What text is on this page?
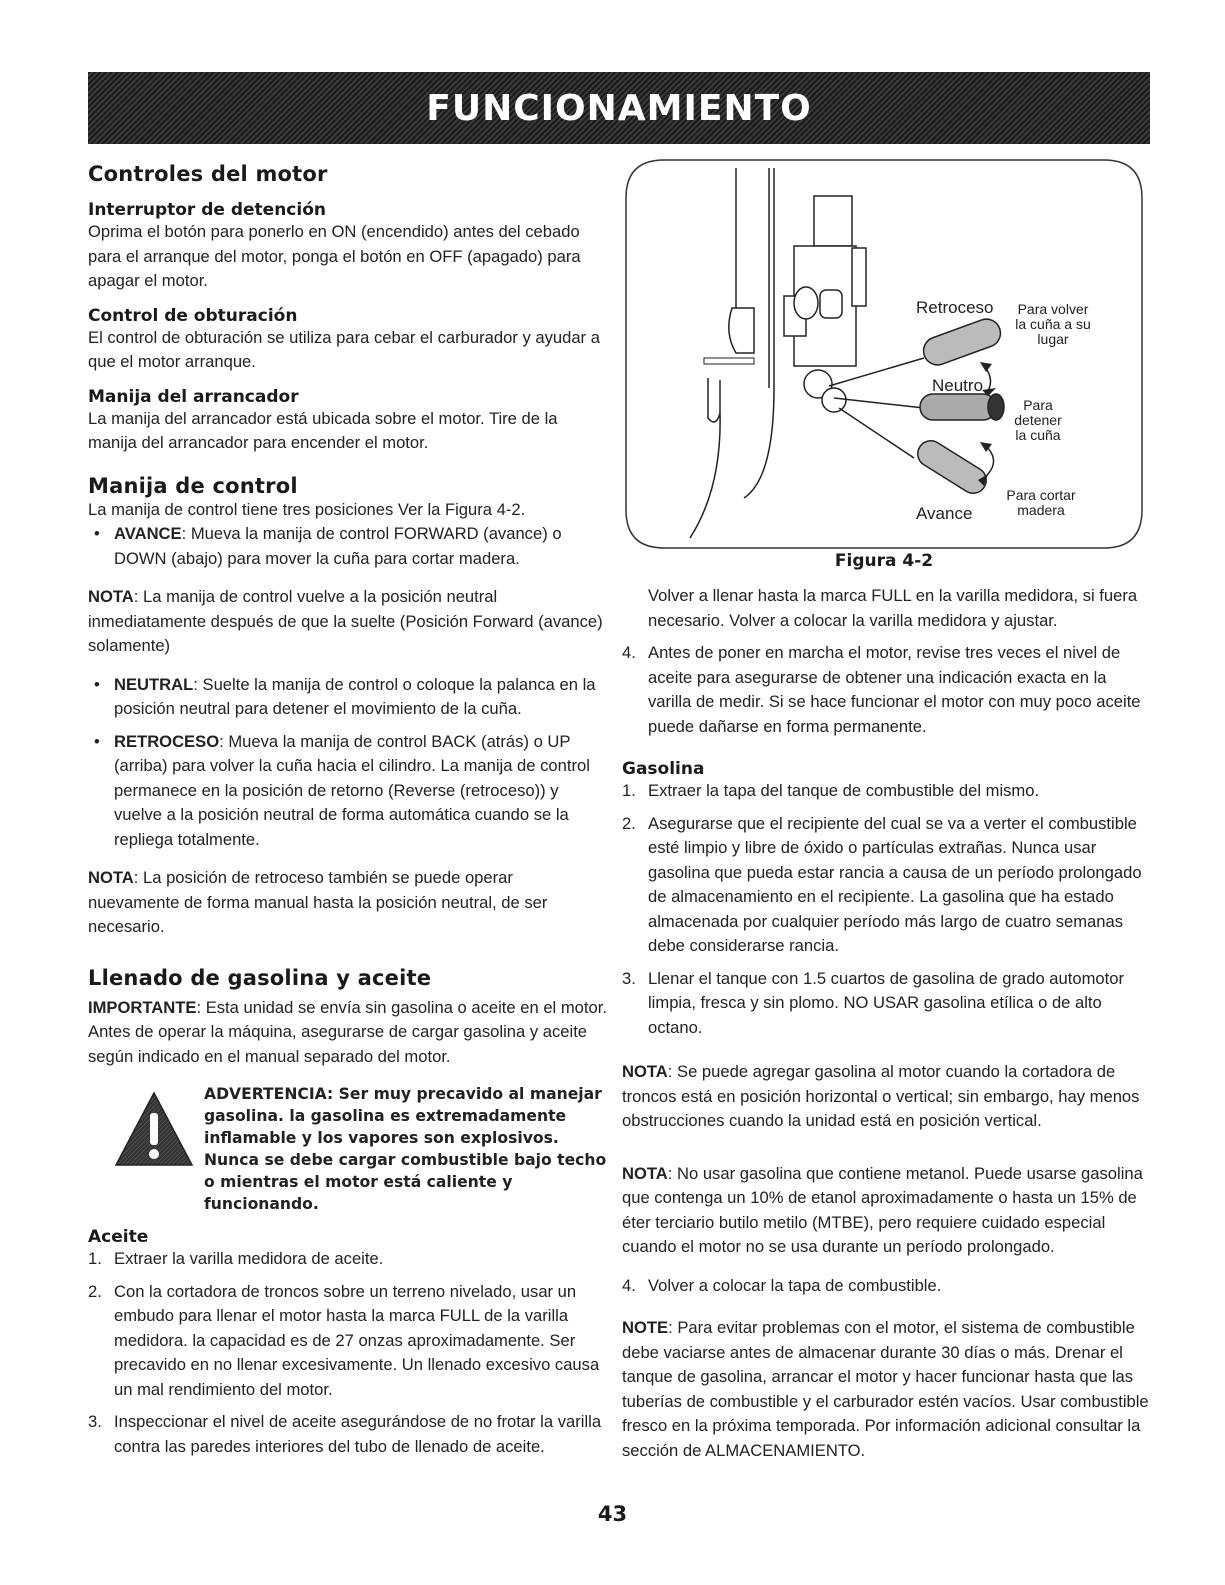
FUNCIONAMIENTO
Controles del motor
Interruptor de detención

Oprima el botón para ponerlo en ON (encendido) antes del cebado para el arranque del motor, ponga el botón en OFF (apagado) para apagar el motor.

Control de obturación

El control de obturación se utiliza para cebar el carburador y ayudar a que el motor arranque.

Manija del arrancador

La manija del arrancador está ubicada sobre el motor. Tire de la manija del arrancador para encender el motor.

Manija de control

La manija de control tiene tres posiciones Ver la Figura 4-2.

• AVANCE: Mueva la manija de control FORWARD (avance) o DOWN (abajo) para mover la cuña para cortar madera.

NOTA: La manija de control vuelve a la posición neutral inmediatamente después de que la suelte (Posición Forward (avance) solamente)

• NEUTRAL: Suelte la manija de control o coloque la palanca en la posición neutral para detener el movimiento de la cuña.
• RETROCESO: Mueva la manija de control BACK (atrás) o UP (arriba) para volver la cuña hacia el cilindro. La manija de control permanece en la posición de retorno (Reverse (retroceso)) y vuelve a la posición neutral de forma automática cuando se la repliega totalmente.

NOTA: La posición de retroceso también se puede operar nuevamente de forma manual hasta la posición neutral, de ser necesario.

Llenado de gasolina y aceite

IMPORTANTE: Esta unidad se envía sin gasolina o aceite en el motor. Antes de operar la máquina, asegurarse de cargar gasolina y aceite según indicado en el manual separado del motor.

ADVERTENCIA: Ser muy precavido al manejar gasolina. la gasolina es extremadamente inflamable y los vapores son explosivos. Nunca se debe cargar combustible bajo techo o mientras el motor está caliente y funcionando.
Aceite
1. Extraer la varilla medidora de aceite.
2. Con la cortadora de troncos sobre un terreno nivelado, usar un embudo para llenar el motor hasta la marca FULL de la varilla medidora. la capacidad es de 27 onzas aproximadamente. Ser precavido en no llenar excesivamente. Un llenado excesivo causa un mal rendimiento del motor.
3. Inspeccionar el nivel de aceite asegurándose de no frotar la varilla contra las paredes interiores del tubo de llenado de aceite.
Retroceso Para volver la cuña a su lugar
Neutro
Para detener la cuña
Para cortar madera
Avance
Figura 4-2

Volver a llenar hasta la marca FULL en la varilla medidora, si fuera necesario. Volver a colocar la varilla medidora y ajustar.

4. Antes de poner en marcha el motor, revise tres veces el nivel de aceite para asegurarse de obtener una indicación exacta en la varilla de medir. Si se hace funcionar el motor con muy poco aceite puede dañarse en forma permanente.
Gasolina
1. Extraer la tapa del tanque de combustible del mismo.
2. Asegurarse que el recipiente del cual se va a verter el combustible esté limpio y libre de óxido o partículas extrañas. Nunca usar gasolina que pueda estar rancia a causa de un período prolongado de almacenamiento en el recipiente. La gasolina que ha estado almacenada por cualquier período más largo de cuatro semanas debe considerarse rancia.
3. Llenar el tanque con 1.5 cuartos de gasolina de grado automotor limpia, fresca y sin plomo. NO USAR gasolina etílica o de alto octano.

NOTA: Se puede agregar gasolina al motor cuando la cortadora de troncos está en posición horizontal o vertical; sin embargo, hay menos obstrucciones cuando la unidad está en posición vertical.

NOTA: No usar gasolina que contiene metanol. Puede usarse gasolina que contenga un 10% de etanol aproximadamente o hasta un 15% de éter terciario butilo metilo (MTBE), pero requiere cuidado especial cuando el motor no se usa durante un período prolongado.

4. Volver a colocar la tapa de combustible.

NOTE: Para evitar problemas con el motor, el sistema de combustible debe vaciarse antes de almacenar durante 30 días o más. Drenar el tanque de gasolina, arrancar el motor y hacer funcionar hasta que las tuberías de combustible y el carburador estén vacíos. Usar combustible fresco en la próxima temporada. Por información adicional consultar la sección de ALMACENAMIENTO.

43
